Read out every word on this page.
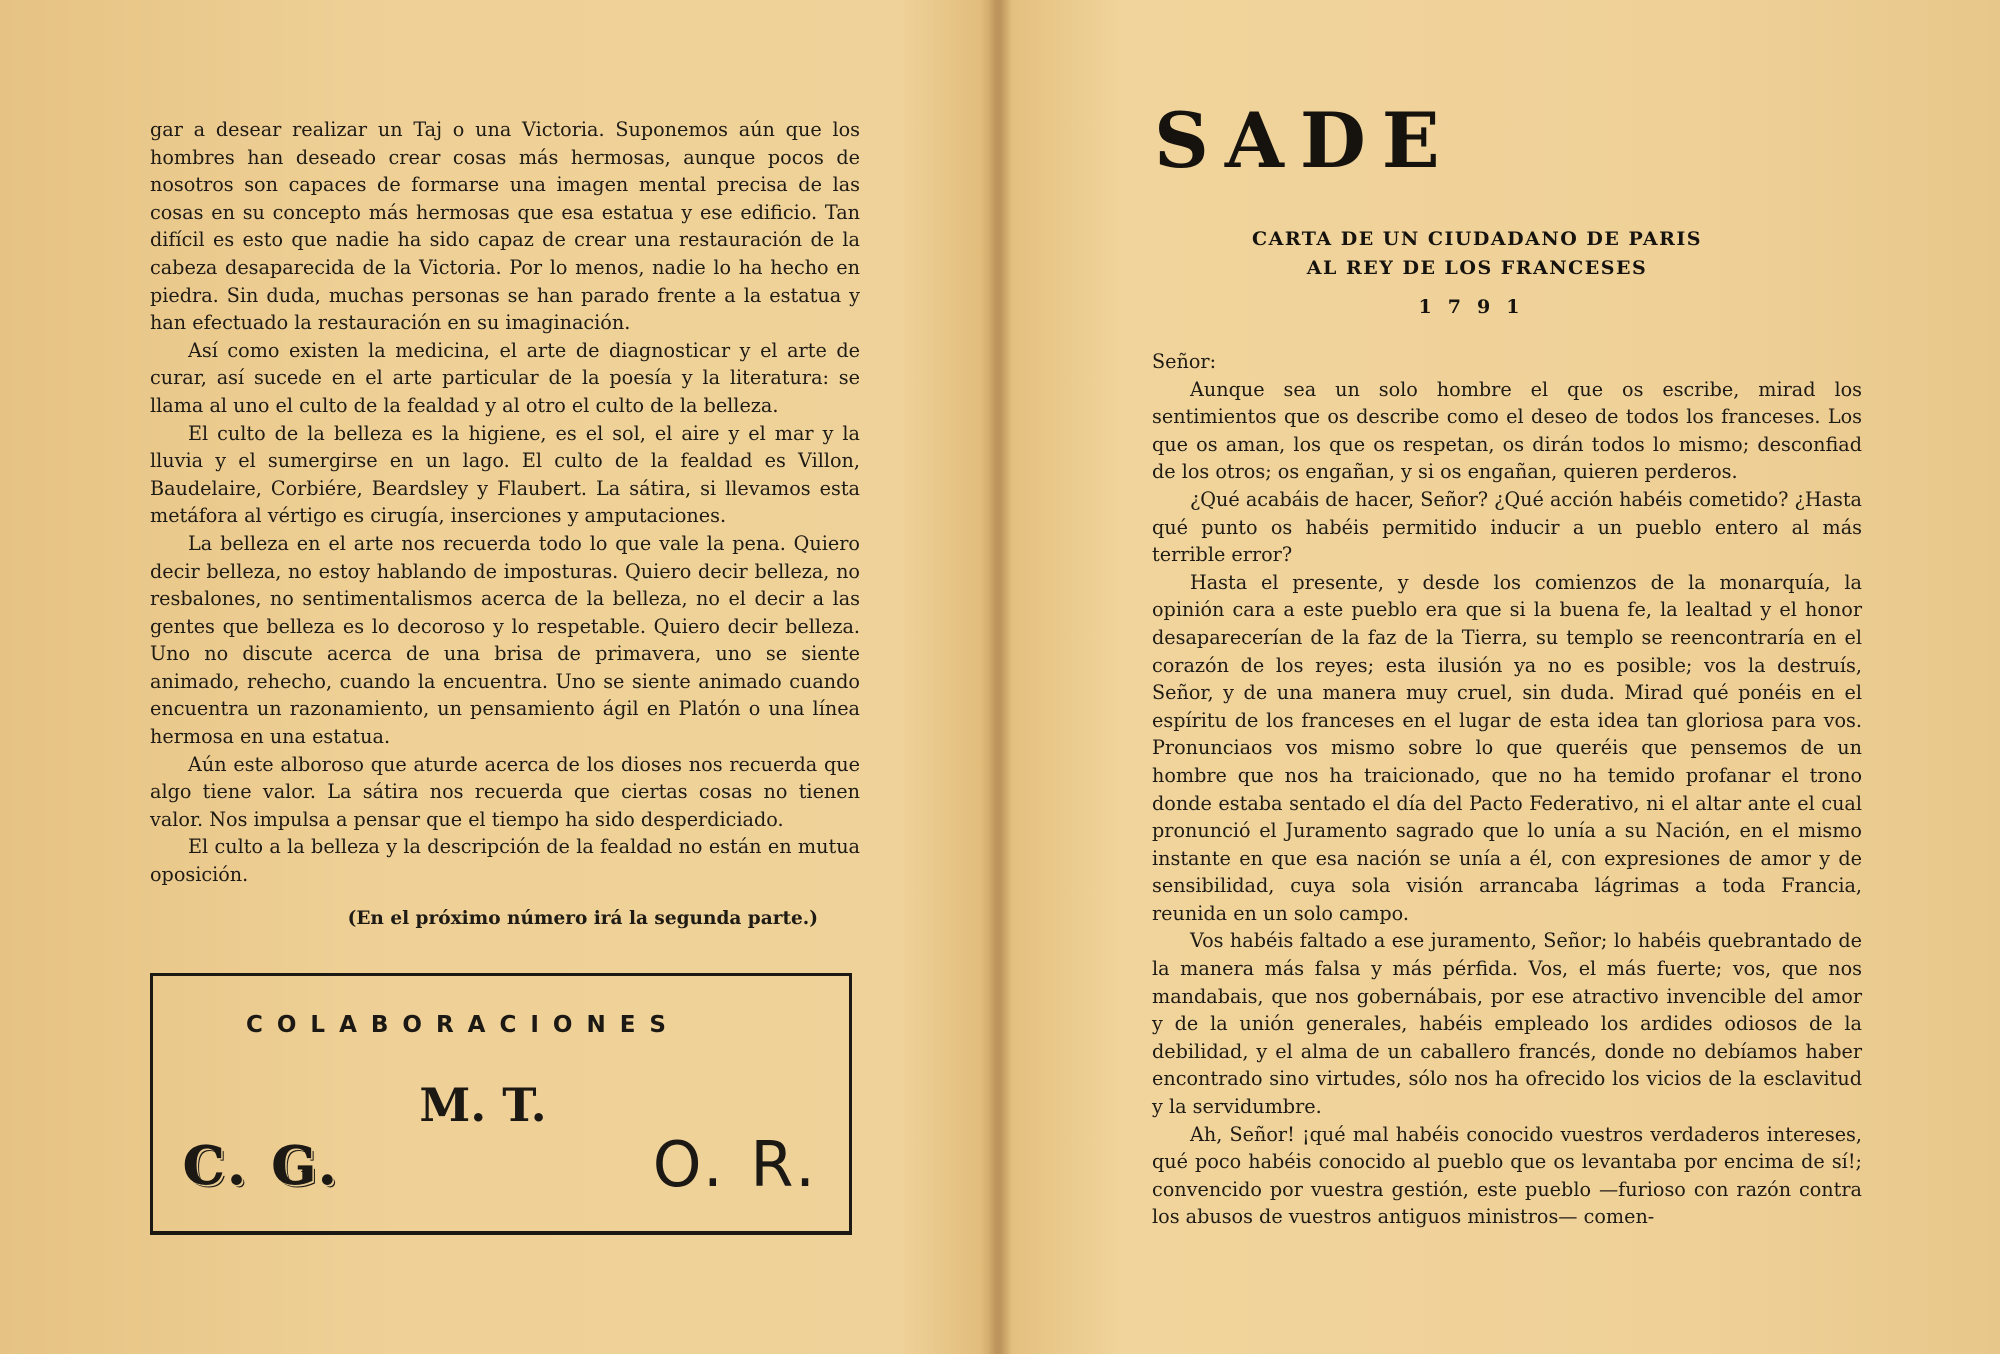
gar a desear realizar un Taj o una Victoria. Suponemos aún que los hombres han deseado crear cosas más hermosas, aunque pocos de nosotros son capaces de formarse una imagen mental precisa de las cosas en su concepto más hermosas que esa estatua y ese edificio. Tan difícil es esto que nadie ha sido capaz de crear una restauración de la cabeza desaparecida de la Victoria. Por lo menos, nadie lo ha hecho en piedra. Sin duda, muchas personas se han parado frente a la estatua y han efectuado la restauración en su imaginación.

Así como existen la medicina, el arte de diagnosticar y el arte de curar, así sucede en el arte particular de la poesía y la literatura: se llama al uno el culto de la fealdad y al otro el culto de la belleza.

El culto de la belleza es la higiene, es el sol, el aire y el mar y la lluvia y el sumergirse en un lago. El culto de la fealdad es Villon, Baudelaire, Corbiére, Beardsley y Flaubert. La sátira, si llevamos esta metáfora al vértigo es cirugía, inserciones y amputaciones.

La belleza en el arte nos recuerda todo lo que vale la pena. Quiero decir belleza, no estoy hablando de imposturas. Quiero decir belleza, no resbalones, no sentimentalismos acerca de la belleza, no el decir a las gentes que belleza es lo decoroso y lo respetable. Quiero decir belleza. Uno no discute acerca de una brisa de primavera, uno se siente animado, rehecho, cuando la encuentra. Uno se siente animado cuando encuentra un razonamiento, un pensamiento ágil en Platón o una línea hermosa en una estatua.

Aún este alboroso que aturde acerca de los dioses nos recuerda que algo tiene valor. La sátira nos recuerda que ciertas cosas no tienen valor. Nos impulsa a pensar que el tiempo ha sido desperdiciado.

El culto a la belleza y la descripción de la fealdad no están en mutua oposición.

(En el próximo número irá la segunda parte.)
COLABORACIONES
M. T.
C. G.	O. R.
SADE
CARTA DE UN CIUDADANO DE PARIS
AL REY DE LOS FRANCESES
1791

Señor:

Aunque sea un solo hombre el que os escribe, mirad los sentimientos que os describe como el deseo de todos los franceses. Los que os aman, los que os respetan, os dirán todos lo mismo; desconfiad de los otros; os engañan, y si os engañan, quieren perderos.

¿Qué acabáis de hacer, Señor? ¿Qué acción habéis cometido? ¿Hasta qué punto os habéis permitido inducir a un pueblo entero al más terrible error?

Hasta el presente, y desde los comienzos de la monarquía, la opinión cara a este pueblo era que si la buena fe, la lealtad y el honor desaparecerían de la faz de la Tierra, su templo se reencontraría en el corazón de los reyes; esta ilusión ya no es posible; vos la destruís, Señor, y de una manera muy cruel, sin duda. Mirad qué ponéis en el espíritu de los franceses en el lugar de esta idea tan gloriosa para vos. Pronunciaos vos mismo sobre lo que queréis que pensemos de un hombre que nos ha traicionado, que no ha temido profanar el trono donde estaba sentado el día del Pacto Federativo, ni el altar ante el cual pronunció el Juramento sagrado que lo unía a su Nación, en el mismo instante en que esa nación se unía a él, con expresiones de amor y de sensibilidad, cuya sola visión arrancaba lágrimas a toda Francia, reunida en un solo campo.

Vos habéis faltado a ese juramento, Señor; lo habéis quebrantado de la manera más falsa y más pérfida. Vos, el más fuerte; vos, que nos mandabais, que nos gobernábais, por ese atractivo invencible del amor y de la unión generales, habéis empleado los ardides odiosos de la debilidad, y el alma de un caballero francés, donde no debíamos haber encontrado sino virtudes, sólo nos ha ofrecido los vicios de la esclavitud y la servidumbre.

Ah, Señor! ¡qué mal habéis conocido vuestros verdaderos intereses, qué poco habéis conocido al pueblo que os levantaba por encima de sí!; convencido por vuestra gestión, este pueblo —furioso con razón contra los abusos de vuestros antiguos ministros— comen-
